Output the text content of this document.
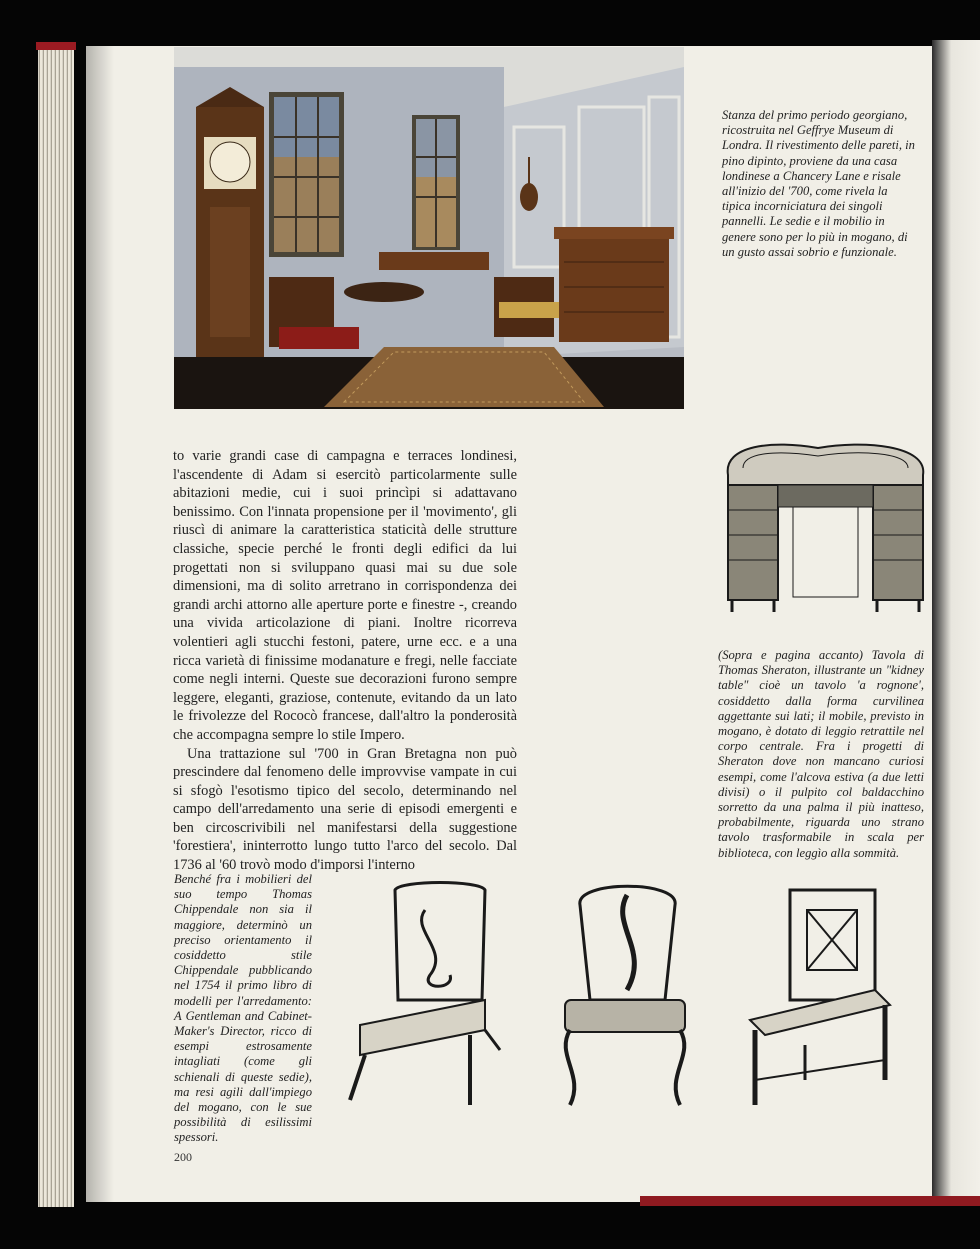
Stanza del primo periodo georgiano, ricostruita nel Geffrye Museum di Londra. Il rivestimento delle pareti, in pino dipinto, proviene da una casa londinese a Chancery Lane e risale all'inizio del '700, come rivela la tipica incorniciatura dei singoli pannelli. Le sedie e il mobilio in genere sono per lo più in mogano, di un gusto assai sobrio e funzionale.

to varie grandi case di campagna e terraces londinesi, l'ascendente di Adam si esercitò particolarmente sulle abitazioni medie, cui i suoi princìpi si adattavano benissimo. Con l'innata propensione per il 'movimento', gli riuscì di animare la caratteristica staticità delle strutture classiche, specie perché le fronti degli edifici da lui progettati non si sviluppano quasi mai su due sole dimensioni, ma di solito arretrano in corrispondenza dei grandi archi attorno alle aperture porte e finestre -, creando una vivida articolazione di piani. Inoltre ricorreva volentieri agli stucchi festoni, patere, urne ecc. e a una ricca varietà di finissime modanature e fregi, nelle facciate come negli interni. Queste sue decorazioni furono sempre leggere, eleganti, graziose, contenute, evitando da un lato le frivolezze del Rococò francese, dall'altro la ponderosità che accompagna sempre lo stile Impero.

Una trattazione sul '700 in Gran Bretagna non può prescindere dal fenomeno delle improvvise vampate in cui si sfogò l'esotismo tipico del secolo, determinando nel campo dell'arredamento una serie di episodi emergenti e ben circoscrivibili nel manifestarsi della suggestione 'forestiera', ininterrotto lungo tutto l'arco del secolo. Dal 1736 al '60 trovò modo d'imporsi l'interno

(Sopra e pagina accanto) Tavola di Thomas Sheraton, illustrante un "kidney table" cioè un tavolo 'a rognone', cosiddetto dalla forma curvilinea aggettante sui lati; il mobile, previsto in mogano, è dotato di leggio retrattile nel corpo centrale. Fra i progetti di Sheraton dove non mancano curiosi esempi, come l'alcova estiva (a due letti divisi) o il pulpito col baldacchino sorretto da una palma il più inatteso, probabilmente, riguarda uno strano tavolo trasformabile in scala per biblioteca, con leggìo alla sommità.
Benché fra i mobilieri del suo tempo Thomas Chippendale non sia il maggiore, determinò un preciso orientamento il cosiddetto stile Chippendale pubblicando nel 1754 il primo libro di modelli per l'arredamento: A Gentleman and Cabinet-Maker's Director, ricco di esempi estrosamente intagliati (come gli schienali di queste sedie), ma resi agili dall'impiego del mogano, con le sue possibilità di esilissimi spessori.
200
